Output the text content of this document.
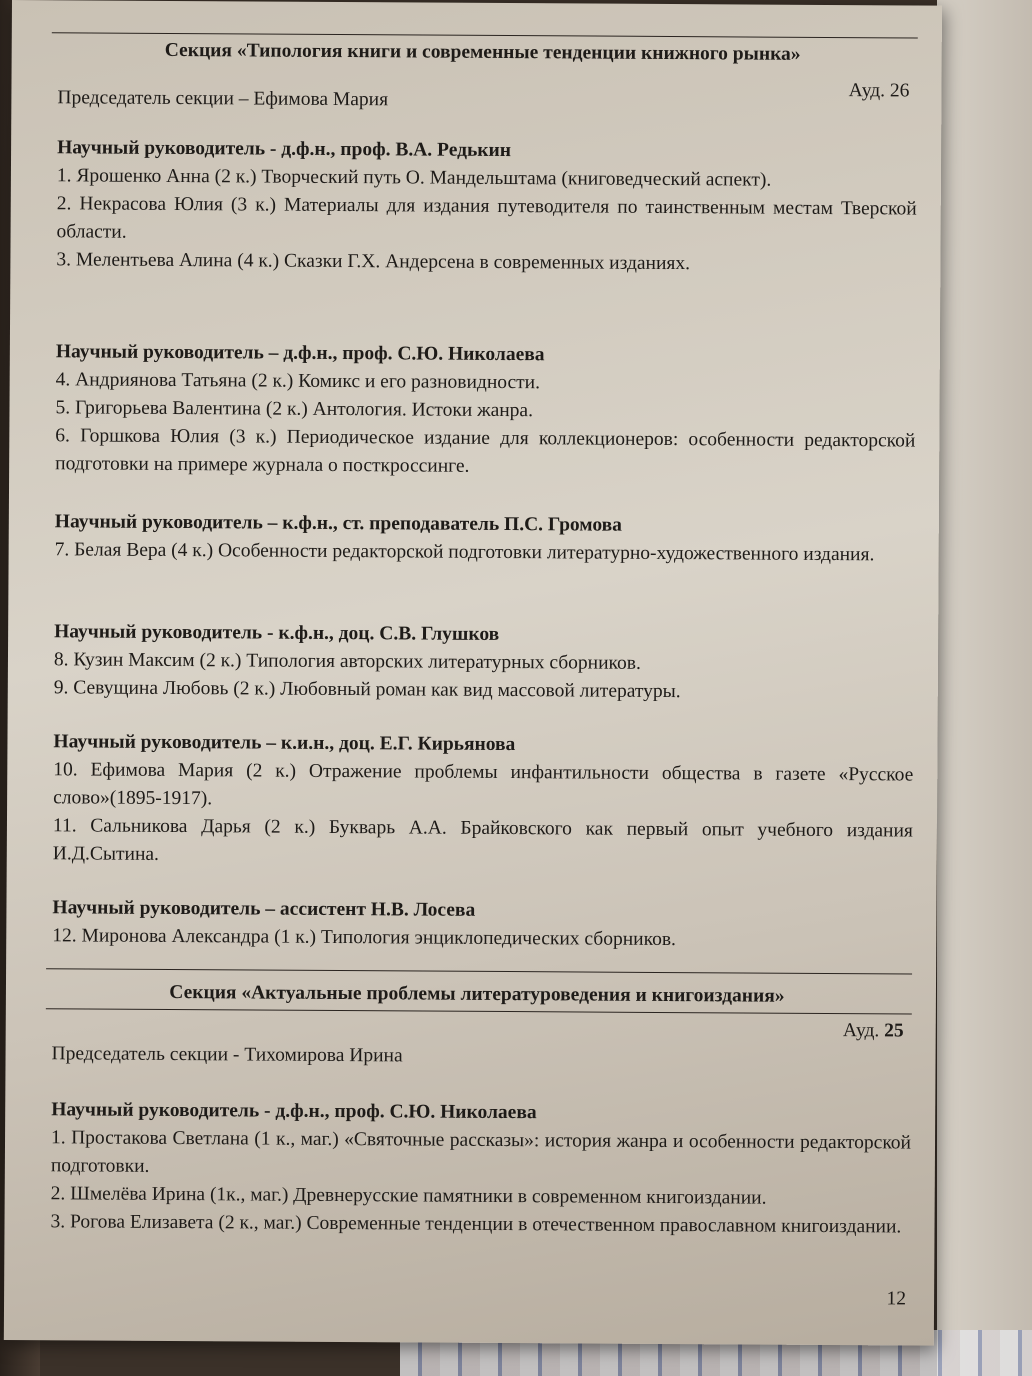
Секция «Типология книги и современные тенденции книжного рынка»
Ауд. 26
Председатель секции – Ефимова Мария

Научный руководитель - д.ф.н., проф. В.А. Редькин

1. Ярошенко Анна (2 к.) Творческий путь О. Мандельштама (книговедческий аспект).

2. Некрасова Юлия (3 к.) Материалы для издания путеводителя по таинственным местам Тверской области.

3. Мелентьева Алина (4 к.) Сказки Г.Х. Андерсена в современных изданиях.

Научный руководитель – д.ф.н., проф. С.Ю. Николаева

4. Андриянова Татьяна (2 к.) Комикс и его разновидности.

5. Григорьева Валентина (2 к.) Антология. Истоки жанра.

6. Горшкова Юлия (3 к.) Периодическое издание для коллекционеров: особенности редакторской подготовки на примере журнала о посткроссинге.

Научный руководитель – к.ф.н., ст. преподаватель П.С. Громова

7. Белая Вера (4 к.) Особенности редакторской подготовки литературно-художественного издания.

Научный руководитель - к.ф.н., доц. С.В. Глушков

8. Кузин Максим (2 к.) Типология авторских литературных сборников.

9. Севущина Любовь (2 к.) Любовный роман как вид массовой литературы.

Научный руководитель – к.и.н., доц. Е.Г. Кирьянова

10. Ефимова Мария (2 к.) Отражение проблемы инфантильности общества в газете «Русское слово»(1895-1917).

11. Сальникова Дарья (2 к.) Букварь А.А. Брайковского как первый опыт учебного издания И.Д.Сытина.

Научный руководитель – ассистент Н.В. Лосева

12. Миронова Александра (1 к.) Типология энциклопедических сборников.

Секция «Актуальные проблемы литературоведения и книгоиздания»
Ауд. 25
Председатель секции - Тихомирова Ирина

Научный руководитель - д.ф.н., проф. С.Ю. Николаева

1. Простакова Светлана (1 к., маг.) «Святочные рассказы»: история жанра и особенности редакторской подготовки.

2. Шмелёва Ирина (1к., маг.) Древнерусские памятники в современном книгоиздании.

3. Рогова Елизавета (2 к., маг.) Современные тенденции в отечественном православном книгоиздании.

12
